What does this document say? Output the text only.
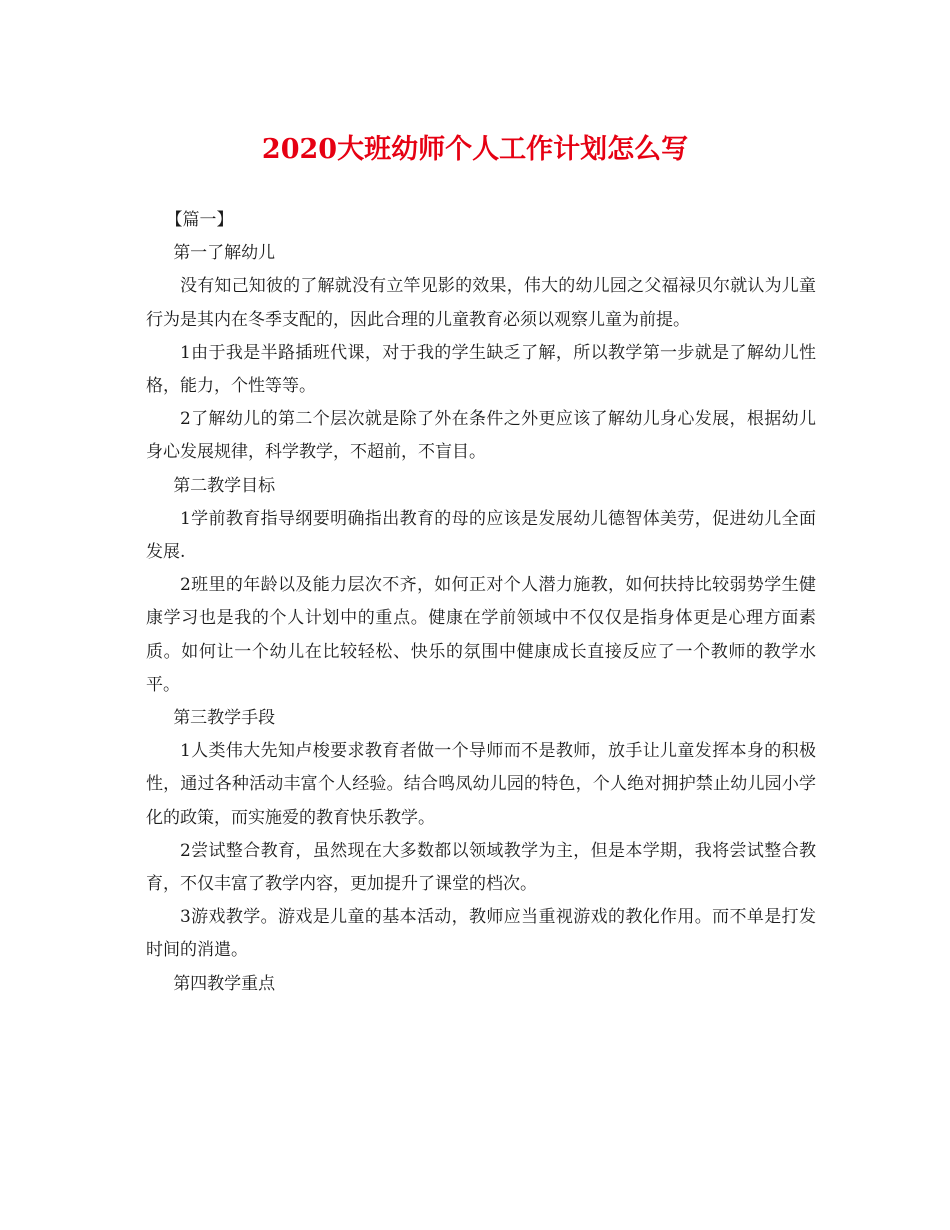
2020大班幼师个人工作计划怎么写

【篇一】

第一了解幼儿

没有知己知彼的了解就没有立竿见影的效果，伟大的幼儿园之父福禄贝尔就认为儿童行为是其内在冬季支配的，因此合理的儿童教育必须以观察儿童为前提。

1由于我是半路插班代课，对于我的学生缺乏了解，所以教学第一步就是了解幼儿性格，能力，个性等等。

2了解幼儿的第二个层次就是除了外在条件之外更应该了解幼儿身心发展，根据幼儿身心发展规律，科学教学，不超前，不盲目。

第二教学目标

1学前教育指导纲要明确指出教育的母的应该是发展幼儿德智体美劳，促进幼儿全面发展.

2班里的年龄以及能力层次不齐，如何正对个人潜力施教，如何扶持比较弱势学生健康学习也是我的个人计划中的重点。健康在学前领域中不仅仅是指身体更是心理方面素质。如何让一个幼儿在比较轻松、快乐的氛围中健康成长直接反应了一个教师的教学水平。

第三教学手段

1人类伟大先知卢梭要求教育者做一个导师而不是教师，放手让儿童发挥本身的积极性，通过各种活动丰富个人经验。结合鸣凤幼儿园的特色，个人绝对拥护禁止幼儿园小学化的政策，而实施爱的教育快乐教学。

2尝试整合教育，虽然现在大多数都以领域教学为主，但是本学期，我将尝试整合教育，不仅丰富了教学内容，更加提升了课堂的档次。

3游戏教学。游戏是儿童的基本活动，教师应当重视游戏的教化作用。而不单是打发时间的消遣。

第四教学重点
